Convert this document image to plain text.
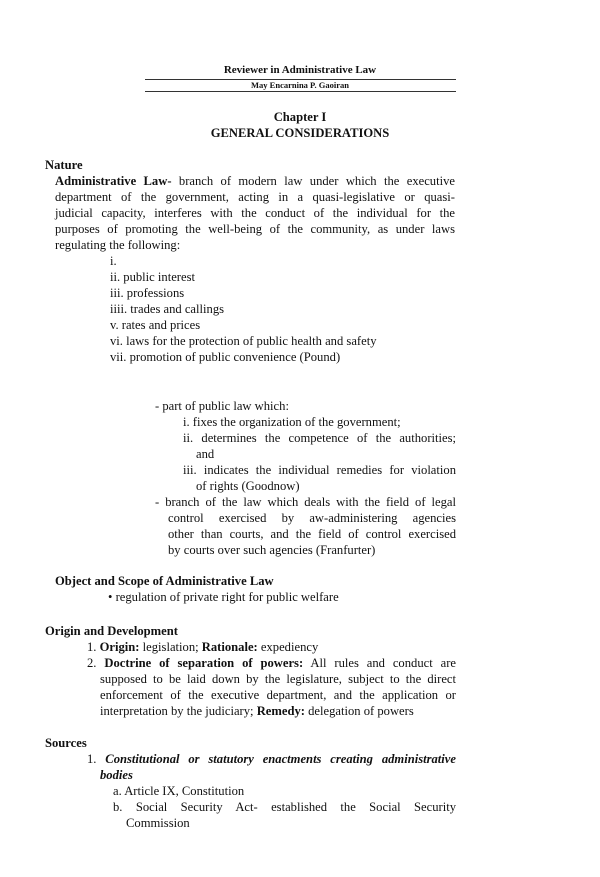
Reviewer in Administrative Law
May Encarnina P. Gaoiran
Chapter I
GENERAL CONSIDERATIONS
Nature
Administrative Law- branch of modern law under which the executive
department of the government, acting in a quasi-legislative or quasi-
judicial capacity, interferes with the conduct of the individual for the
purposes of promoting the well-being of the community, as under laws
regulating the following:
i.
ii. public interest
iii. professions
iiii. trades and callings
v. rates and prices
vi. laws for the protection of public health and safety
vii. promotion of public convenience (Pound)
- part of public law which:
i. fixes the organization of the government;
ii. determines the competence of the authorities;
and
iii. indicates the individual remedies for violation
of rights (Goodnow)
- branch of the law which deals with the field of legal
control exercised by aw-administering agencies
other than courts, and the field of control exercised
by courts over such agencies (Franfurter)
Object and Scope of Administrative Law
• regulation of private right for public welfare
Origin and Development
1. Origin: legislation; Rationale: expediency
2. Doctrine of separation of powers: All rules and conduct are
supposed to be laid down by the legislature, subject to the direct
enforcement of the executive department, and the application or
interpretation by the judiciary; Remedy: delegation of powers
Sources
1. Constitutional or statutory enactments creating administrative
bodies
a. Article IX, Constitution
b. Social Security Act- established the Social Security
Commission
